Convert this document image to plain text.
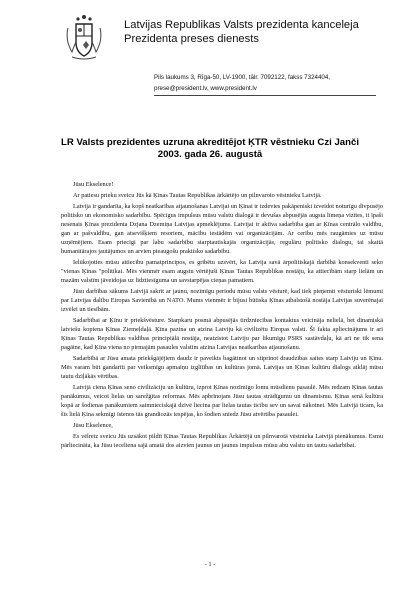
Latvijas Republikas Valsts prezidenta kanceleja
Prezidenta preses dienests
Pils laukums 3, Rīga-50, LV-1900, tālr. 7092122, fakss 7324404,
prese@president.lv, www.president.lv
LR Valsts prezidentes uzruna akreditējot ĶTR vēstnieku Czi Janči
2003. gada 26. augustā

Jūsu Ekselence!

Ar patiesu prieku sveicu Jūs kā Ķīnas Tautas Republikas ārkārtējo un pilnvaroto vēstnieku Latvijā.

Latvija ir gandarīta, ka kopš neatkarības atjaunošanas Latvijai un Ķīnai ir izdevies pakāpeniski izveidot noturīgu divpusējo politisko un ekonomisko sadarbību. Spēcīgus impulsus mūsu valstu dialogā ir devušas abpusējās augsta līmeņa vizītes, it īpaši nesenais Ķīnas prezidenta Dzjana Dzemiņa Latvijas apmeklējums. Latvijai ir aktīva sadarbība gan ar Ķīnas centrālo valdību, gan ar pašvaldību, gan atsevišķiem resoriem, mācību iestādēm vai organizācijām. Ar cerību mēs raugāmies uz mūsu uzņēmējiem. Esam priecīgi par labu sadarbību starptautiskajās organizācijās, regulāru politisko dialogu, tai skaitā humanitārajos jautājumos un arvien pieaugošu praktisko sadarbību.

Ielūkojoties mūsu attiecību pamatprincipos, es gribētu uzsvērt, ka Latvija savā ārpolitiskajā darbībā konsekventi seko "vienas Ķīnas "politikai. Mēs vienmēr esam augstu vērtējuši Ķīnas Tautas Republikas nostāju, ka attiecībām starp lielām un mazām valstīm jāveidojas uz līdztiesīguma un savstarpējas cieņas pamatiem.

Jūsu darbības sākums Latvijā sakrīt ar jaunu, nozīmīgu periodu mūsu valsts vēsturē, kad tiek pieņemti vēsturiski lēmumi par Latvijas dalību Eiropas Savienībā un NATO. Mums vienmēr ir bijusi būtiska Ķīnas atbalstošā nostāja Latvijas suverēnajai izvēlei un tiesībām.

Sadarbībai ar Ķīnu ir priekšvēsture. Starpkaru posmā abpusējās tirdzniecības kontaktus veicināja nelielā, bet dinamiskā latviešu kopiena Ķīnas Ziemeļdaļā. Ķīna pazina un atzina Latviju kā civilizētu Eiropas valsti. Šī fakta apliecinājums ir arī Ķīnas Tautas Republikas valdības principiālā nostāja, neatzīstot Latviju par likumīgu PSRS sastāvdaļu, kā arī ne tik sena pagātne, kad Ķīna viena no pirmajām pasaules valstīm atzina Latvijas neatkarības atjaunošanu.

Sadarbībā ar Jūsu amata priekšgājējiem daudz ir paveikts bagātinot un stiprinot draudzības saites starp Latviju un Ķīnu. Mēs varam būt gandarīti par veiksmīgu apmaiņu izglītības un kultūras jomā. Latvijas un Ķīnas kultūru dialogs atklāj mūsu tautu dziļākās vērtības.

Latvijā ciena Ķīnas seno civilizāciju un kultūru, izprot Ķīnas nozīmīgo lomu mūsdienu pasaulē. Mēs redzam Ķīnas tautas panākumus, veicot lielas un sarežģītas reformas. Mēs apbrīnojam Jūsu tautas strādīgumu un dinamismu. Ķīnas senā kultūra kopā ar šodienas panākumiem saimnieciskajā dzīvē liecina par lielas tautas ticību sev un savai nākotnei. Mēs Latvijā ticam, ka šīs lielā Ķīna sekmīgi īstenos tās grandiozās iespējas, ko šodien sniedz Jūsu atvērtība pasaulei.

Jūsu Ekselence,

Es vēlreiz sveicu Jūs uzsākot pildīt Ķīnas Tautas Republikas Ārkārtējā un pilnvarotā vēstnieka Latvijā pienākumus. Esmu pārliecināta, ka Jūsu ieceliena sajā amatā dos aizvien jaunus un jaunus impulsus mūsu abu valstu un tautu sadarbībai.

- 1 -
